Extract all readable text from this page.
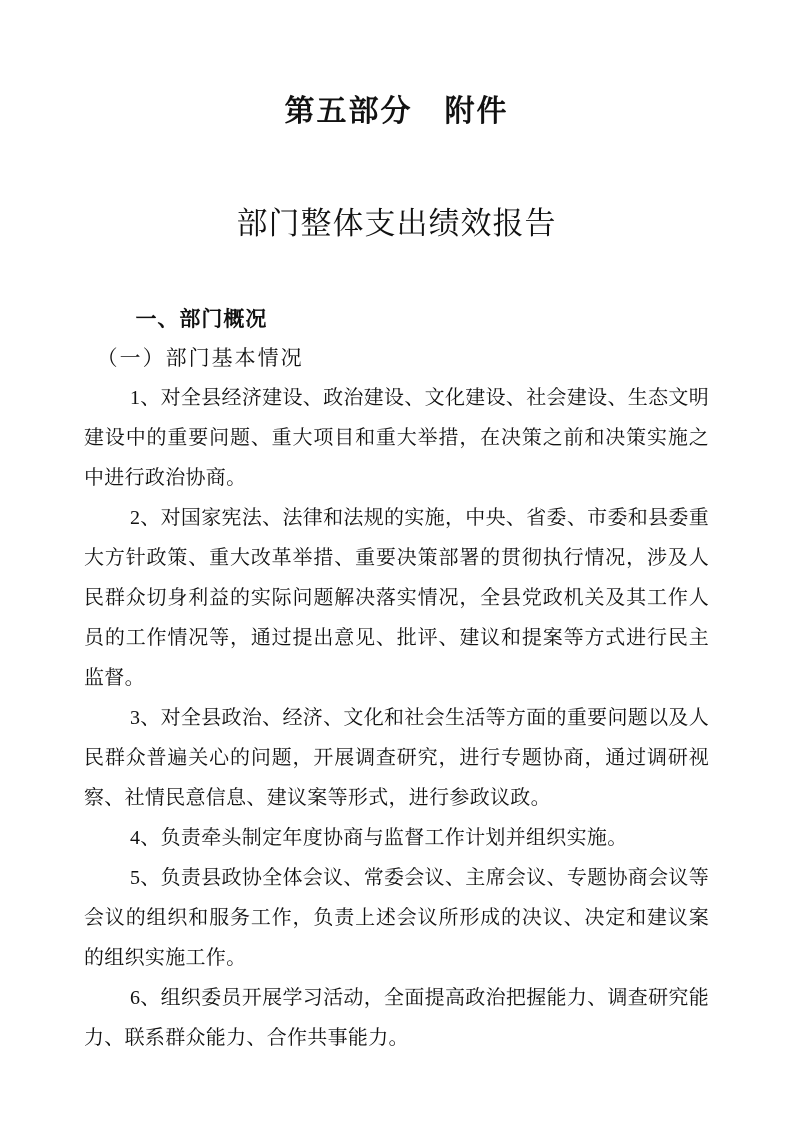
第五部分　附件
部门整体支出绩效报告
一、部门概况
（一）部门基本情况

1、对全县经济建设、政治建设、文化建设、社会建设、生态文明建设中的重要问题、重大项目和重大举措，在决策之前和决策实施之中进行政治协商。

2、对国家宪法、法律和法规的实施，中央、省委、市委和县委重大方针政策、重大改革举措、重要决策部署的贯彻执行情况，涉及人民群众切身利益的实际问题解决落实情况，全县党政机关及其工作人员的工作情况等，通过提出意见、批评、建议和提案等方式进行民主监督。

3、对全县政治、经济、文化和社会生活等方面的重要问题以及人民群众普遍关心的问题，开展调查研究，进行专题协商，通过调研视察、社情民意信息、建议案等形式，进行参政议政。

4、负责牵头制定年度协商与监督工作计划并组织实施。

5、负责县政协全体会议、常委会议、主席会议、专题协商会议等会议的组织和服务工作，负责上述会议所形成的决议、决定和建议案的组织实施工作。

6、组织委员开展学习活动，全面提高政治把握能力、调查研究能力、联系群众能力、合作共事能力。
